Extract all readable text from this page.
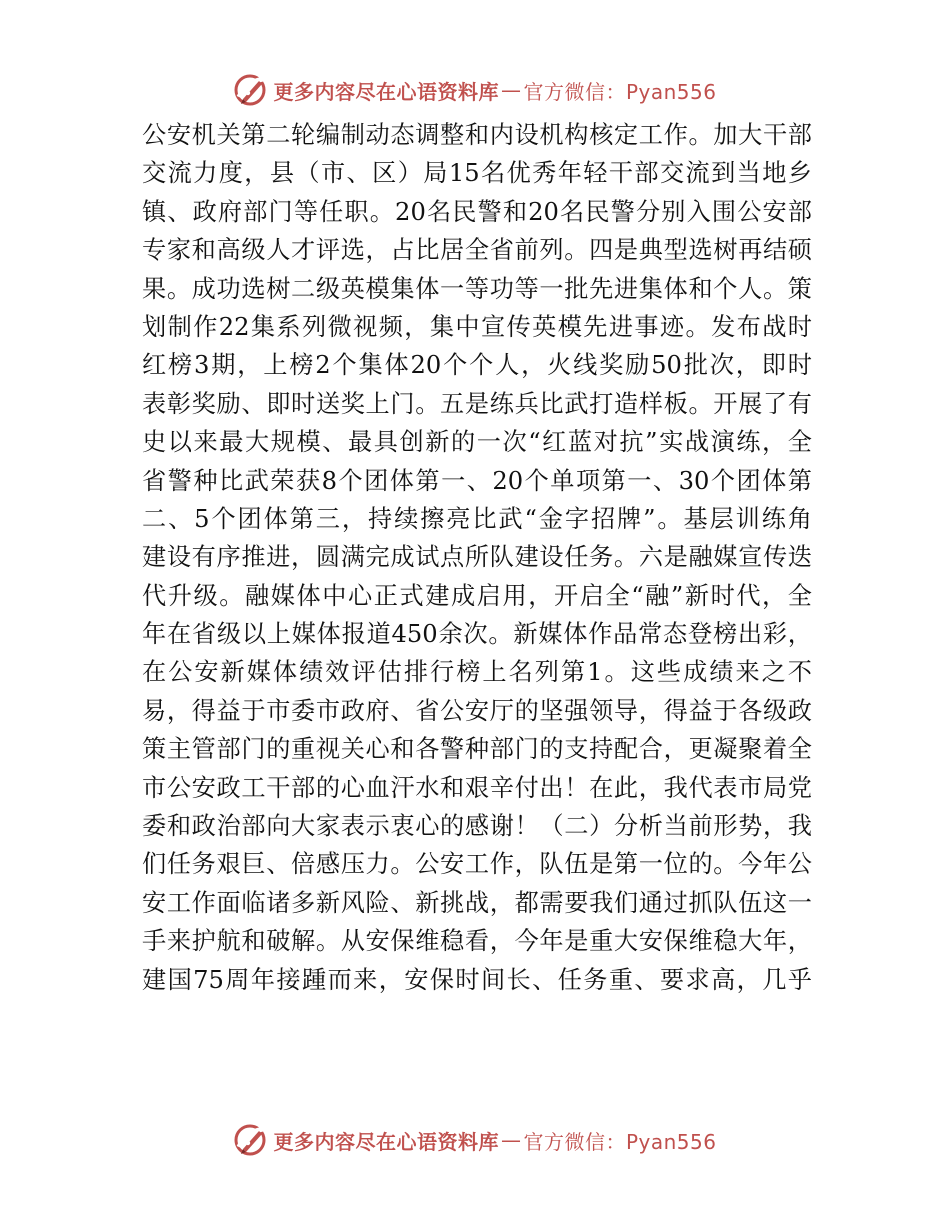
更多内容尽在心语资料库 — 官方微信：Pyan556
公安机关第二轮编制动态调整和内设机构核定工作。加大干部
交流力度，县（市、区）局15名优秀年轻干部交流到当地乡
镇、政府部门等任职。20名民警和20名民警分别入围公安部
专家和高级人才评选，占比居全省前列。四是典型选树再结硕
果。成功选树二级英模集体一等功等一批先进集体和个人。策
划制作22集系列微视频，集中宣传英模先进事迹。发布战时
红榜3期，上榜2个集体20个个人，火线奖励50批次，即时
表彰奖励、即时送奖上门。五是练兵比武打造样板。开展了有
史以来最大规模、最具创新的一次“红蓝对抗”实战演练，全
省警种比武荣获8个团体第一、20个单项第一、30个团体第
二、5个团体第三，持续擦亮比武“金字招牌”。基层训练角
建设有序推进，圆满完成试点所队建设任务。六是融媒宣传迭
代升级。融媒体中心正式建成启用，开启全“融”新时代，全
年在省级以上媒体报道450余次。新媒体作品常态登榜出彩，
在公安新媒体绩效评估排行榜上名列第1。这些成绩来之不
易，得益于市委市政府、省公安厅的坚强领导，得益于各级政
策主管部门的重视关心和各警种部门的支持配合，更凝聚着全
市公安政工干部的心血汗水和艰辛付出！在此，我代表市局党
委和政治部向大家表示衷心的感谢！（二）分析当前形势，我
们任务艰巨、倍感压力。公安工作，队伍是第一位的。今年公
安工作面临诸多新风险、新挑战，都需要我们通过抓队伍这一
手来护航和破解。从安保维稳看，今年是重大安保维稳大年，
建国75周年接踵而来，安保时间长、任务重、要求高，几乎
更多内容尽在心语资料库 — 官方微信：Pyan556
